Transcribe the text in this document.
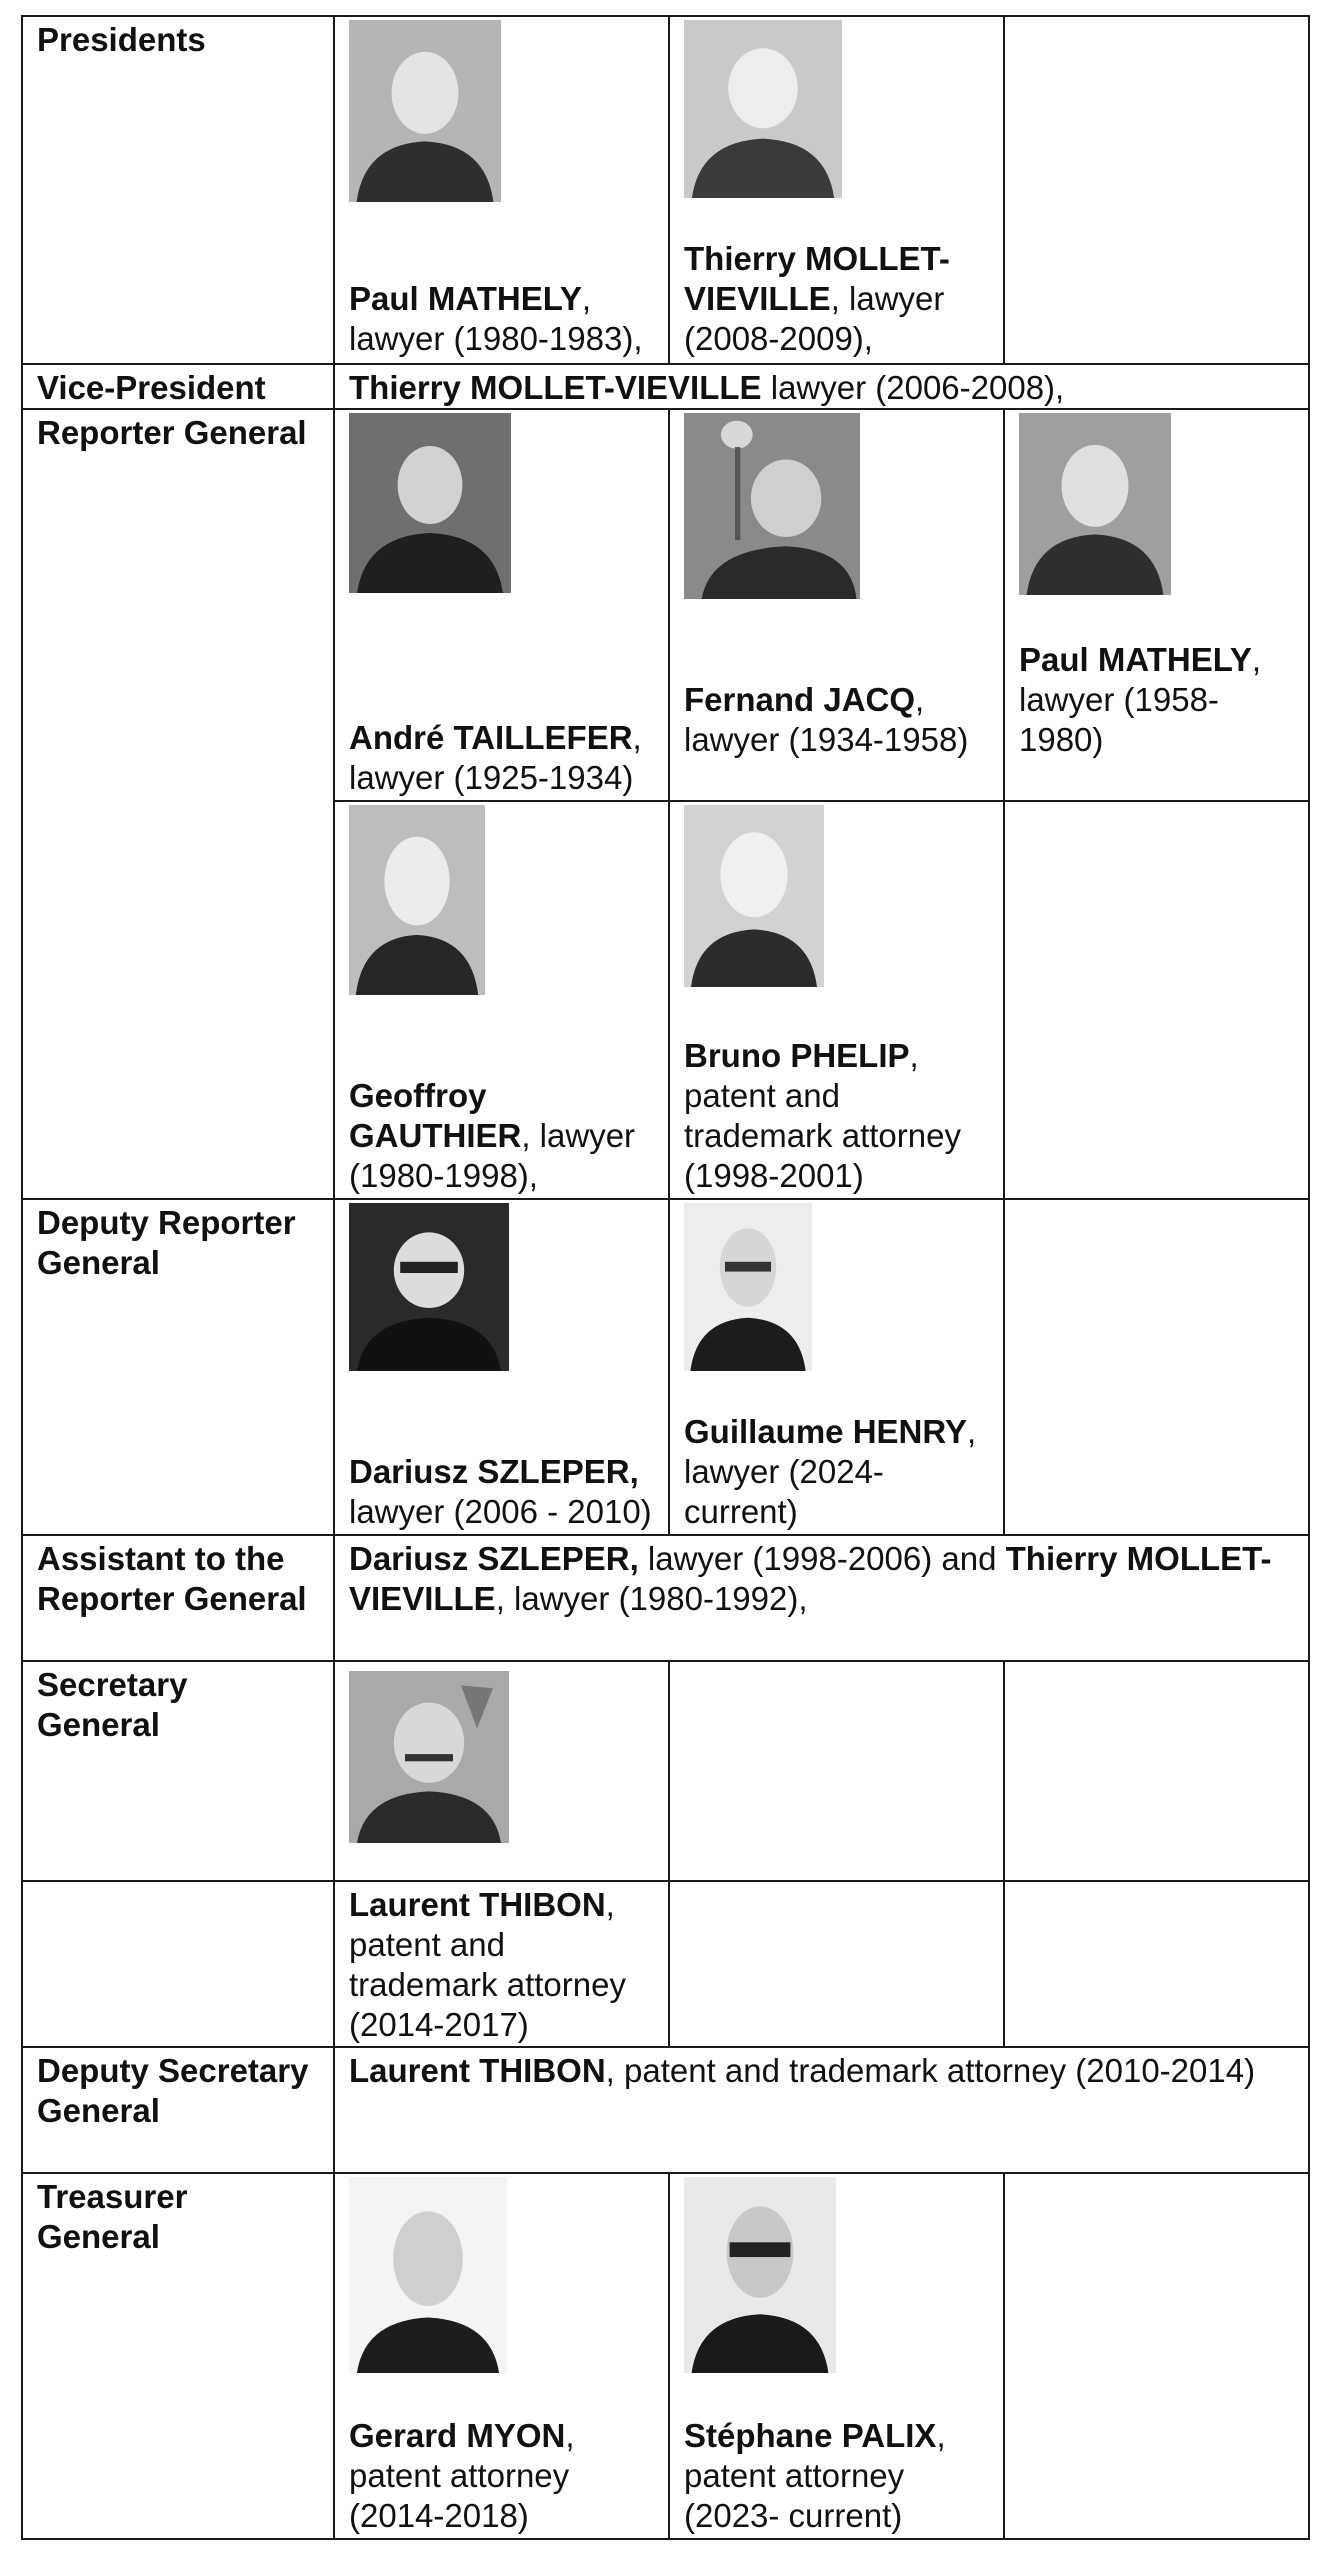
Presidents	Paul MATHELY, lawyer (1980-1983),	Thierry MOLLET-VIEVILLE, lawyer (2008-2009),	

Vice-President	Thierry MOLLET-VIEVILLE lawyer (2006-2008),		
Reporter General	André TAILLEFER, lawyer (1925-1934)	Fernand JACQ, lawyer (1934-1958)	Paul MATHELY, lawyer (1958-1980)

	Geoffroy GAUTHIER, lawyer (1980-1998),	Bruno PHELIP, patent and trademark attorney (1998-2001)	

Deputy Reporter General	Dariusz SZLEPER, lawyer (2006 - 2010)	Guillaume HENRY, lawyer (2024- current)	

Assistant to the Reporter General	Dariusz SZLEPER, lawyer (1998-2006) and Thierry MOLLET-VIEVILLE, lawyer (1980-1992),		
Secretary General	

	Laurent THIBON, patent and trademark attorney (2014-2017)		
Deputy Secretary General	Laurent THIBON, patent and trademark attorney (2010-2014)		
Treasurer General	Gerard MYON, patent attorney (2014-2018)	Stéphane PALIX, patent attorney (2023- current)	
